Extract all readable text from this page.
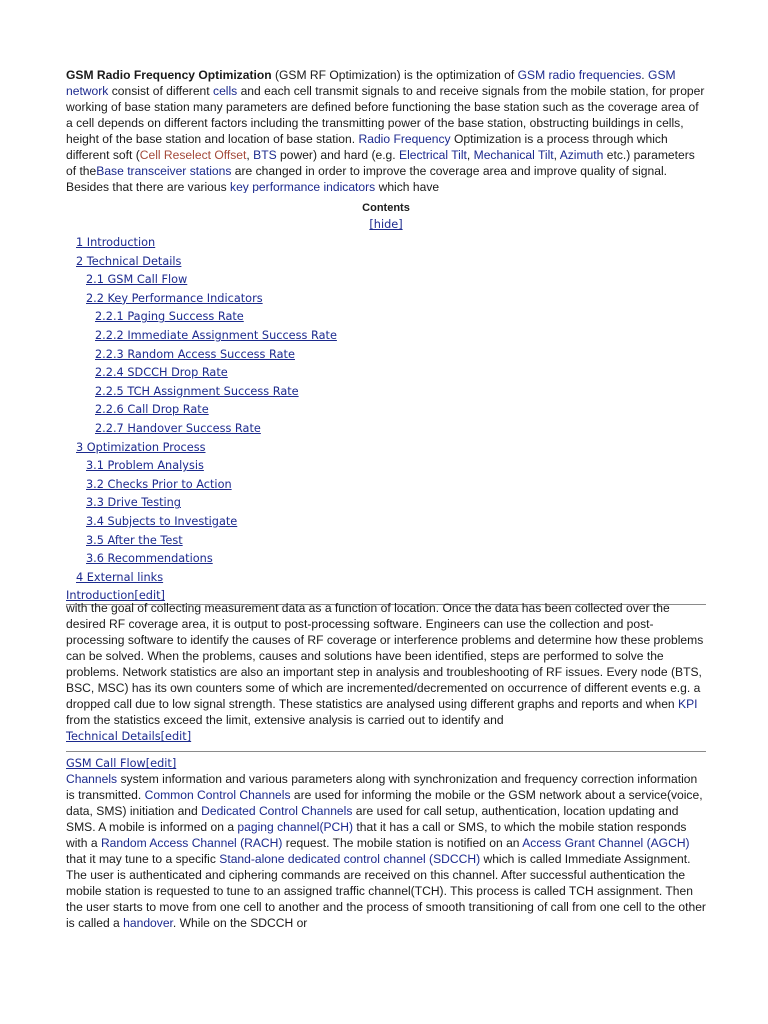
GSM Radio Frequency Optimization (GSM RF Optimization) is the optimization of GSM radio frequencies. GSM network consist of different cells and each cell transmit signals to and receive signals from the mobile station, for proper working of base station many parameters are defined before functioning the base station such as the coverage area of a cell depends on different factors including the transmitting power of the base station, obstructing buildings in cells, height of the base station and location of base station. Radio Frequency Optimization is a process through which different soft (Cell Reselect Offset, BTS power) and hard (e.g. Electrical Tilt, Mechanical Tilt, Azimuth etc.) parameters of theBase transceiver stations are changed in order to improve the coverage area and improve quality of signal. Besides that there are various key performance indicators which have

Contents
[hide]
1 Introduction
2 Technical Details
2.1 GSM Call Flow
2.2 Key Performance Indicators
2.2.1 Paging Success Rate
2.2.2 Immediate Assignment Success Rate
2.2.3 Random Access Success Rate
2.2.4 SDCCH Drop Rate
2.2.5 TCH Assignment Success Rate
2.2.6 Call Drop Rate
2.2.7 Handover Success Rate
3 Optimization Process
3.1 Problem Analysis
3.2 Checks Prior to Action
3.3 Drive Testing
3.4 Subjects to Investigate
3.5 After the Test
3.6 Recommendations
4 External links
Introduction[edit]

with the goal of collecting measurement data as a function of location. Once the data has been collected over the desired RF coverage area, it is output to post-processing software. Engineers can use the collection and post-processing software to identify the causes of RF coverage or interference problems and determine how these problems can be solved. When the problems, causes and solutions have been identified, steps are performed to solve the problems. Network statistics are also an important step in analysis and troubleshooting of RF issues. Every node (BTS, BSC, MSC) has its own counters some of which are incremented/decremented on occurrence of different events e.g. a dropped call due to low signal strength. These statistics are analysed using different graphs and reports and when KPI from the statistics exceed the limit, extensive analysis is carried out to identify and

Technical Details[edit]
GSM Call Flow[edit]

Channels system information and various parameters along with synchronization and frequency correction information is transmitted. Common Control Channels are used for informing the mobile or the GSM network about a service(voice, data, SMS) initiation and Dedicated Control Channels are used for call setup, authentication, location updating and SMS. A mobile is informed on a paging channel(PCH) that it has a call or SMS, to which the mobile station responds with a Random Access Channel (RACH) request. The mobile station is notified on an Access Grant Channel (AGCH) that it may tune to a specific Stand-alone dedicated control channel (SDCCH) which is called Immediate Assignment. The user is authenticated and ciphering commands are received on this channel. After successful authentication the mobile station is requested to tune to an assigned traffic channel(TCH). This process is called TCH assignment. Then the user starts to move from one cell to another and the process of smooth transitioning of call from one cell to the other is called a handover. While on the SDCCH or
